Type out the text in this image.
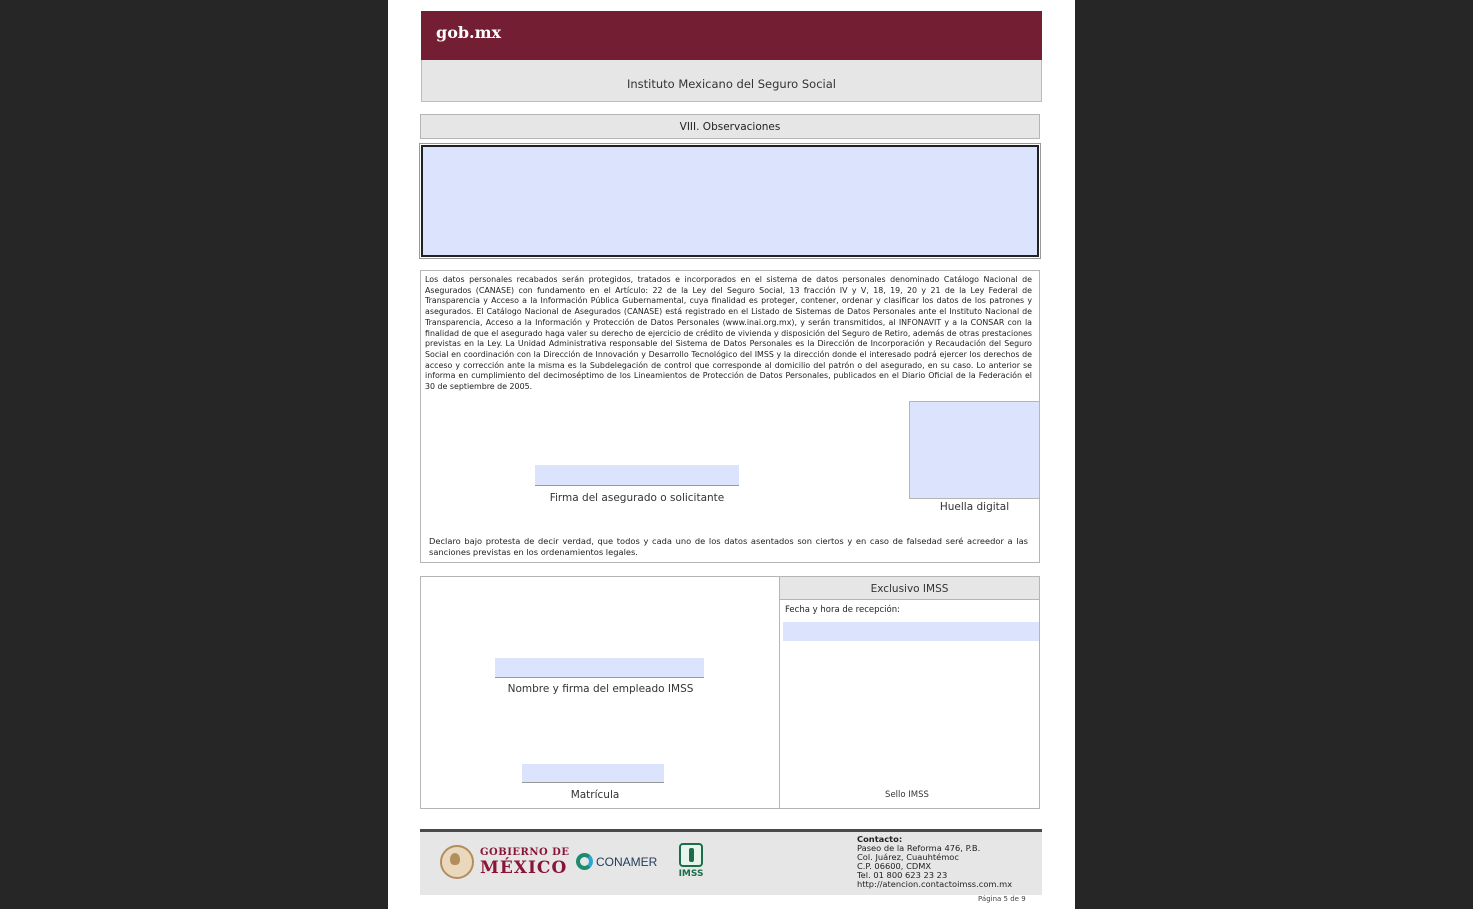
gob.mx
Instituto Mexicano del Seguro Social
VIII. Observaciones
Los datos personales recabados serán protegidos, tratados e incorporados en el sistema de datos personales denominado Catálogo Nacional de Asegurados (CANASE) con fundamento en el Artículo: 22 de la Ley del Seguro Social, 13 fracción IV y V, 18, 19, 20 y 21 de la Ley Federal de Transparencia y Acceso a la Información Pública Gubernamental, cuya finalidad es proteger, contener, ordenar y clasificar los datos de los patrones y asegurados. El Catálogo Nacional de Asegurados (CANASE) está registrado en el Listado de Sistemas de Datos Personales ante el Instituto Nacional de Transparencia, Acceso a la Información y Protección de Datos Personales (www.inai.org.mx), y serán transmitidos, al INFONAVIT y a la CONSAR con la finalidad de que el asegurado haga valer su derecho de ejercicio de crédito de vivienda y disposición del Seguro de Retiro, además de otras prestaciones previstas en la Ley. La Unidad Administrativa responsable del Sistema de Datos Personales es la Dirección de Incorporación y Recaudación del Seguro Social en coordinación con la Dirección de Innovación y Desarrollo Tecnológico del IMSS y la dirección donde el interesado podrá ejercer los derechos de acceso y corrección ante la misma es la Subdelegación de control que corresponde al domicilio del patrón o del asegurado, en su caso. Lo anterior se informa en cumplimiento del decimoséptimo de los Lineamientos de Protección de Datos Personales, publicados en el Diario Oficial de la Federación el 30 de septiembre de 2005.
Firma del asegurado o solicitante
Huella digital
Declaro bajo protesta de decir verdad, que todos y cada uno de los datos asentados son ciertos y en caso de falsedad seré acreedor a las sanciones previstas en los ordenamientos legales.
Nombre y firma del empleado IMSS
Matrícula
Exclusivo IMSS
Fecha y hora de recepción:
Sello IMSS
GOBIERNO DE
MÉXICO CONAMER
IMSS
Contacto:
Paseo de la Reforma 476, P.B.
Col. Juárez, Cuauhtémoc
C.P. 06600, CDMX
Tel. 01 800 623 23 23
http://atencion.contactoimss.com.mx
Página 5 de 9
